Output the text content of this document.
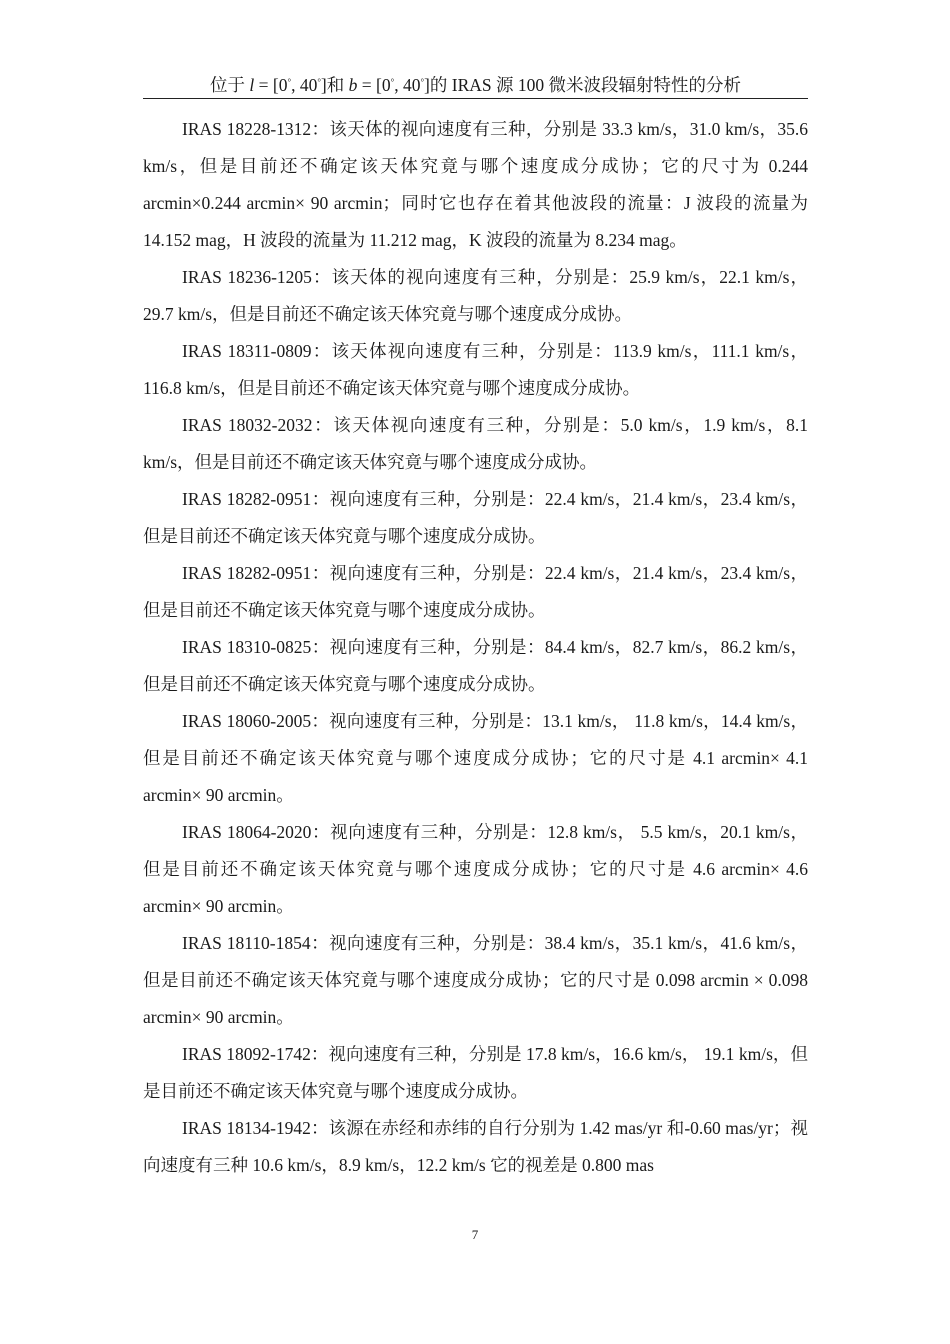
位于 l = [0°, 40°]和 b = [0°, 40°]的 IRAS 源 100 微米波段辐射特性的分析

IRAS 18228-1312：该天体的视向速度有三种，分别是 33.3 km/s，31.0 km/s，35.6 km/s，但是目前还不确定该天体究竟与哪个速度成分成协；它的尺寸为 0.244 arcmin×0.244 arcmin× 90 arcmin；同时它也存在着其他波段的流量：J 波段的流量为 14.152 mag，H 波段的流量为 11.212 mag，K 波段的流量为 8.234 mag。

IRAS 18236-1205：该天体的视向速度有三种，分别是：25.9 km/s，22.1 km/s，29.7 km/s，但是目前还不确定该天体究竟与哪个速度成分成协。

IRAS 18311-0809：该天体视向速度有三种，分别是：113.9 km/s，111.1 km/s，116.8 km/s，但是目前还不确定该天体究竟与哪个速度成分成协。

IRAS 18032-2032：该天体视向速度有三种，分别是：5.0 km/s，1.9 km/s，8.1 km/s，但是目前还不确定该天体究竟与哪个速度成分成协。

IRAS 18282-0951：视向速度有三种，分别是：22.4 km/s，21.4 km/s，23.4 km/s，但是目前还不确定该天体究竟与哪个速度成分成协。

IRAS 18282-0951：视向速度有三种，分别是：22.4 km/s，21.4 km/s，23.4 km/s，但是目前还不确定该天体究竟与哪个速度成分成协。

IRAS 18310-0825：视向速度有三种，分别是：84.4 km/s，82.7 km/s，86.2 km/s，但是目前还不确定该天体究竟与哪个速度成分成协。

IRAS 18060-2005：视向速度有三种，分别是：13.1 km/s， 11.8 km/s，14.4 km/s，但是目前还不确定该天体究竟与哪个速度成分成协；它的尺寸是 4.1 arcmin× 4.1 arcmin× 90 arcmin。

IRAS 18064-2020：视向速度有三种，分别是：12.8 km/s， 5.5 km/s，20.1 km/s，但是目前还不确定该天体究竟与哪个速度成分成协；它的尺寸是 4.6 arcmin× 4.6 arcmin× 90 arcmin。

IRAS 18110-1854：视向速度有三种，分别是：38.4 km/s，35.1 km/s，41.6 km/s，但是目前还不确定该天体究竟与哪个速度成分成协；它的尺寸是 0.098 arcmin × 0.098 arcmin× 90 arcmin。

IRAS 18092-1742：视向速度有三种，分别是 17.8 km/s，16.6 km/s， 19.1 km/s，但是目前还不确定该天体究竟与哪个速度成分成协。

IRAS 18134-1942：该源在赤经和赤纬的自行分别为 1.42 mas/yr 和-0.60 mas/yr；视向速度有三种 10.6 km/s，8.9 km/s，12.2 km/s 它的视差是 0.800 mas

7
